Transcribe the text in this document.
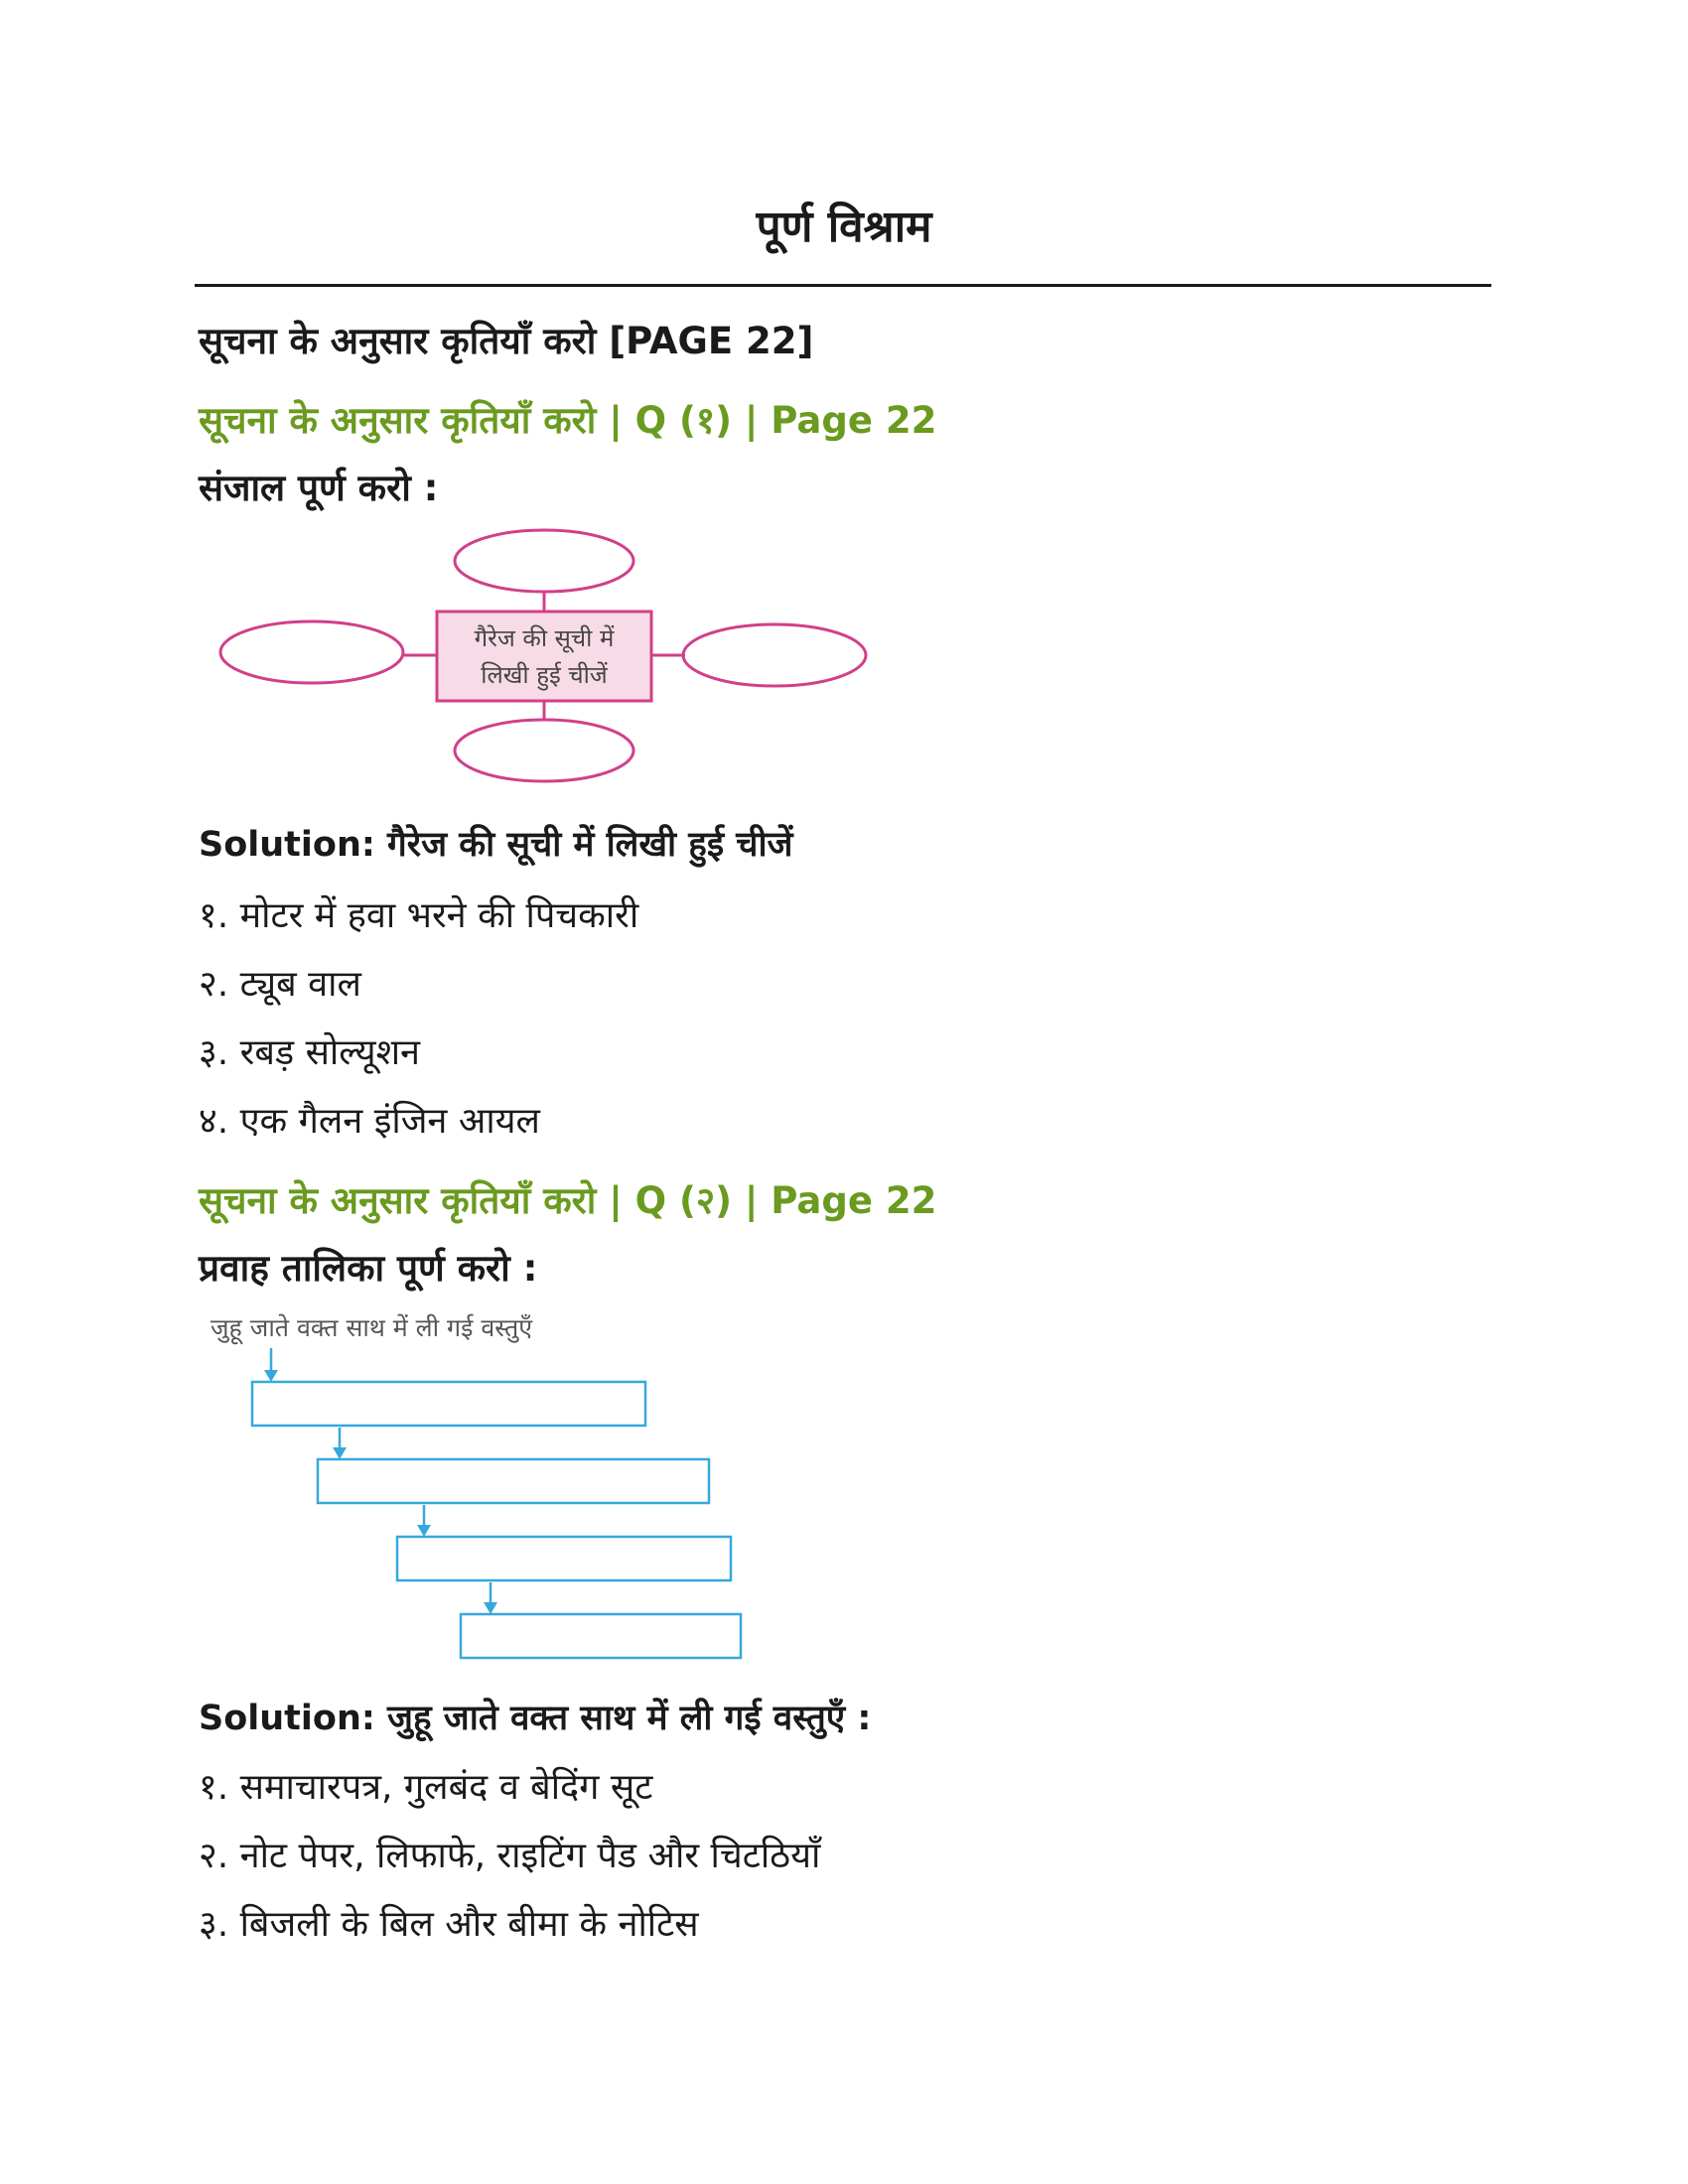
पूर्ण विश्राम
सूचना के अनुसार कृतियाँ करो [PAGE 22]
सूचना के अनुसार कृतियाँ करो | Q (१) | Page 22

संजाल पूर्ण करो :

गैरेज की सूची में
लिखी हुई चीजें
जुहू जाते वक्त साथ में ली गई वस्तुएँ

Solution: गैरेज की सूची में लिखी हुई चीजें

१. मोटर में हवा भरने की पिचकारी

२. ट्यूब वाल

३. रबड़ सोल्यूशन

४. एक गैलन इंजिन आयल

सूचना के अनुसार कृतियाँ करो | Q (२) | Page 22

प्रवाह तालिका पूर्ण करो :

Solution: जुहू जाते वक्त साथ में ली गई वस्तुएँ :

१. समाचारपत्र, गुलबंद व बेदिंग सूट

२. नोट पेपर, लिफाफे, राइटिंग पैड और चिटठियाँ

३. बिजली के बिल और बीमा के नोटिस
